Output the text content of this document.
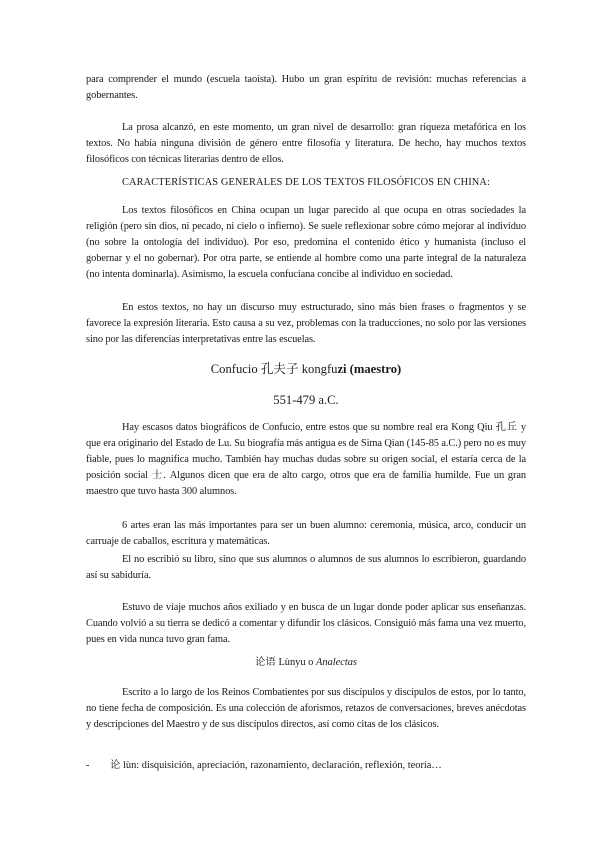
para comprender el mundo (escuela taoísta). Hubo un gran espíritu de revisión: muchas referencias a gobernantes.

La prosa alcanzó, en este momento, un gran nivel de desarrollo: gran riqueza metafórica en los textos. No había ninguna división de género entre filosofía y literatura. De hecho, hay muchos textos filosóficos con técnicas literarias dentro de ellos.

CARACTERÍSTICAS GENERALES DE LOS TEXTOS FILOSÓFICOS EN CHINA:

Los textos filosóficos en China ocupan un lugar parecido al que ocupa en otras sociedades la religión (pero sin dios, ni pecado, ni cielo o infierno). Se suele reflexionar sobre cómo mejorar al individuo (no sobre la ontología del individuo). Por eso, predomina el contenido ético y humanista (incluso el gobernar y el no gobernar). Por otra parte, se entiende al hombre como una parte integral de la naturaleza (no intenta dominarla). Asimismo, la escuela confuciana concibe al individuo en sociedad.

En estos textos, no hay un discurso muy estructurado, sino más bien frases o fragmentos y se favorece la expresión literaria. Esto causa a su vez, problemas con la traducciones, no solo por las versiones sino por las diferencias interpretativas entre las escuelas.

Confucio 孔夫子 kongfuzi (maestro)

551-479 a.C.

Hay escasos datos biográficos de Confucio, entre estos que su nombre real era Kong Qiu 孔丘 y que era originario del Estado de Lu. Su biografía más antigua es de Sima Qian (145-85 a.C.) pero no es muy fiable, pues lo magnifica mucho. También hay muchas dudas sobre su origen social, el estaría cerca de la posición social 士. Algunos dicen que era de alto cargo, otros que era de familia humilde. Fue un gran maestro que tuvo hasta 300 alumnos.

6 artes eran las más importantes para ser un buen alumno: ceremonia, música, arco, conducir un carruaje de caballos, escritura y matemáticas.

El no escribió su libro, sino que sus alumnos o alumnos de sus alumnos lo escribieron, guardando así su sabiduría.

Estuvo de viaje muchos años exiliado y en busca de un lugar donde poder aplicar sus enseñanzas. Cuando volvió a su tierra se dedicó a comentar y difundir los clásicos. Consiguió más fama una vez muerto, pues en vida nunca tuvo gran fama.

论语 Lùnyu o Analectas

Escrito a lo largo de los Reinos Combatientes por sus discípulos y discípulos de estos, por lo tanto, no tiene fecha de composición. Es una colección de aforismos, retazos de conversaciones, breves anécdotas y descripciones del Maestro y de sus discípulos directos, así como citas de los clásicos.

- 论 lùn: disquisición, apreciación, razonamiento, declaración, reflexión, teoría…
